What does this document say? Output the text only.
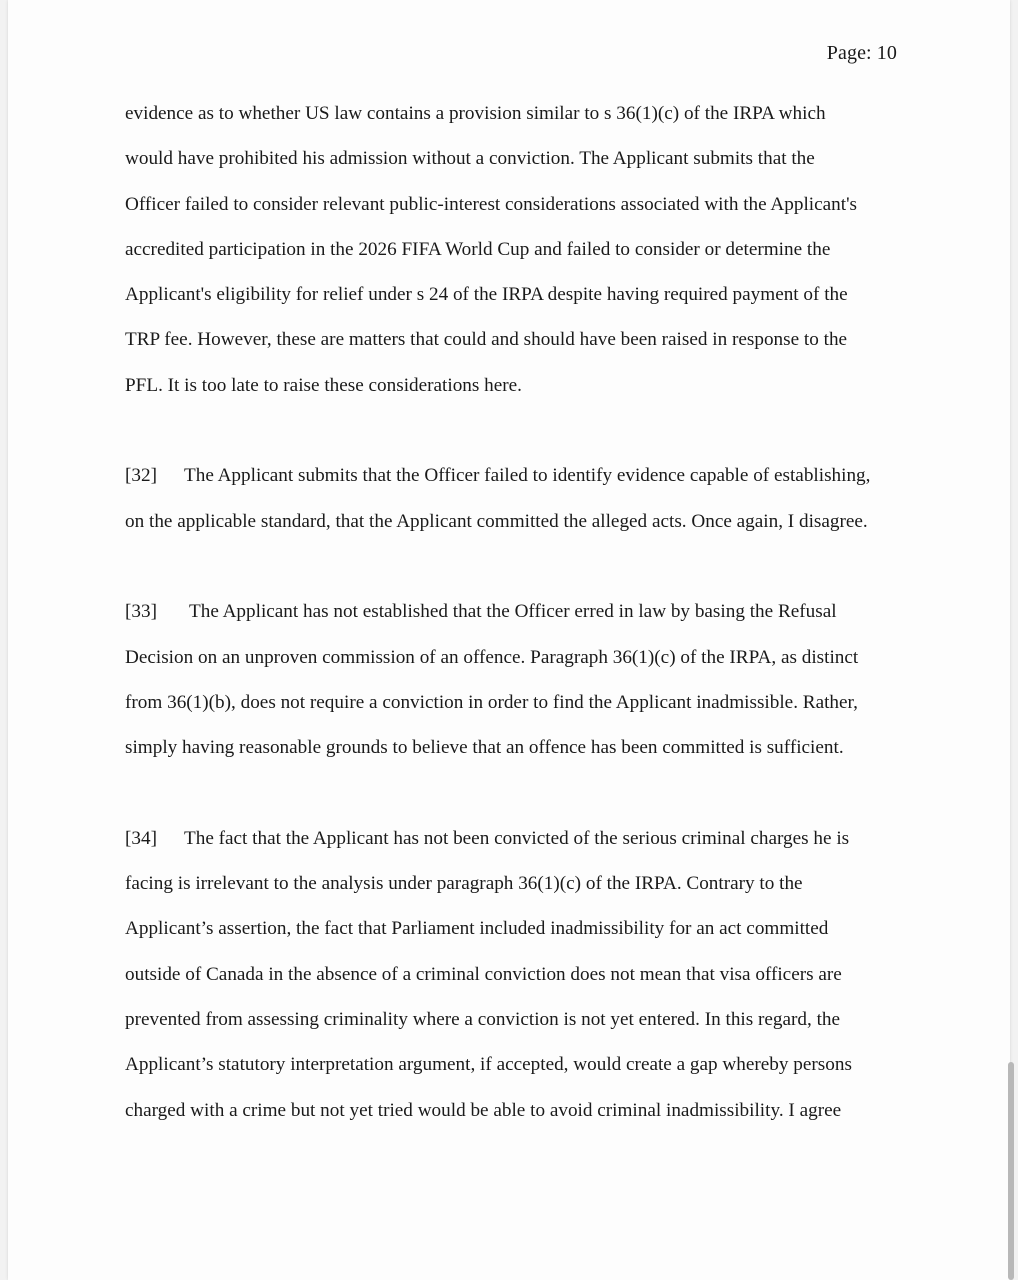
Page: 10
evidence as to whether US law contains a provision similar to s 36(1)(c) of the IRPA which
would have prohibited his admission without a conviction. The Applicant submits that the
Officer failed to consider relevant public-interest considerations associated with the Applicant's
accredited participation in the 2026 FIFA World Cup and failed to consider or determine the
Applicant's eligibility for relief under s 24 of the IRPA despite having required payment of the
TRP fee. However, these are matters that could and should have been raised in response to the
PFL. It is too late to raise these considerations here.
[32] The Applicant submits that the Officer failed to identify evidence capable of establishing,
on the applicable standard, that the Applicant committed the alleged acts. Once again, I disagree.
[33] The Applicant has not established that the Officer erred in law by basing the Refusal
Decision on an unproven commission of an offence. Paragraph 36(1)(c) of the IRPA, as distinct
from 36(1)(b), does not require a conviction in order to find the Applicant inadmissible. Rather,
simply having reasonable grounds to believe that an offence has been committed is sufficient.
[34] The fact that the Applicant has not been convicted of the serious criminal charges he is
facing is irrelevant to the analysis under paragraph 36(1)(c) of the IRPA. Contrary to the
Applicant’s assertion, the fact that Parliament included inadmissibility for an act committed
outside of Canada in the absence of a criminal conviction does not mean that visa officers are
prevented from assessing criminality where a conviction is not yet entered. In this regard, the
Applicant’s statutory interpretation argument, if accepted, would create a gap whereby persons
charged with a crime but not yet tried would be able to avoid criminal inadmissibility. I agree
